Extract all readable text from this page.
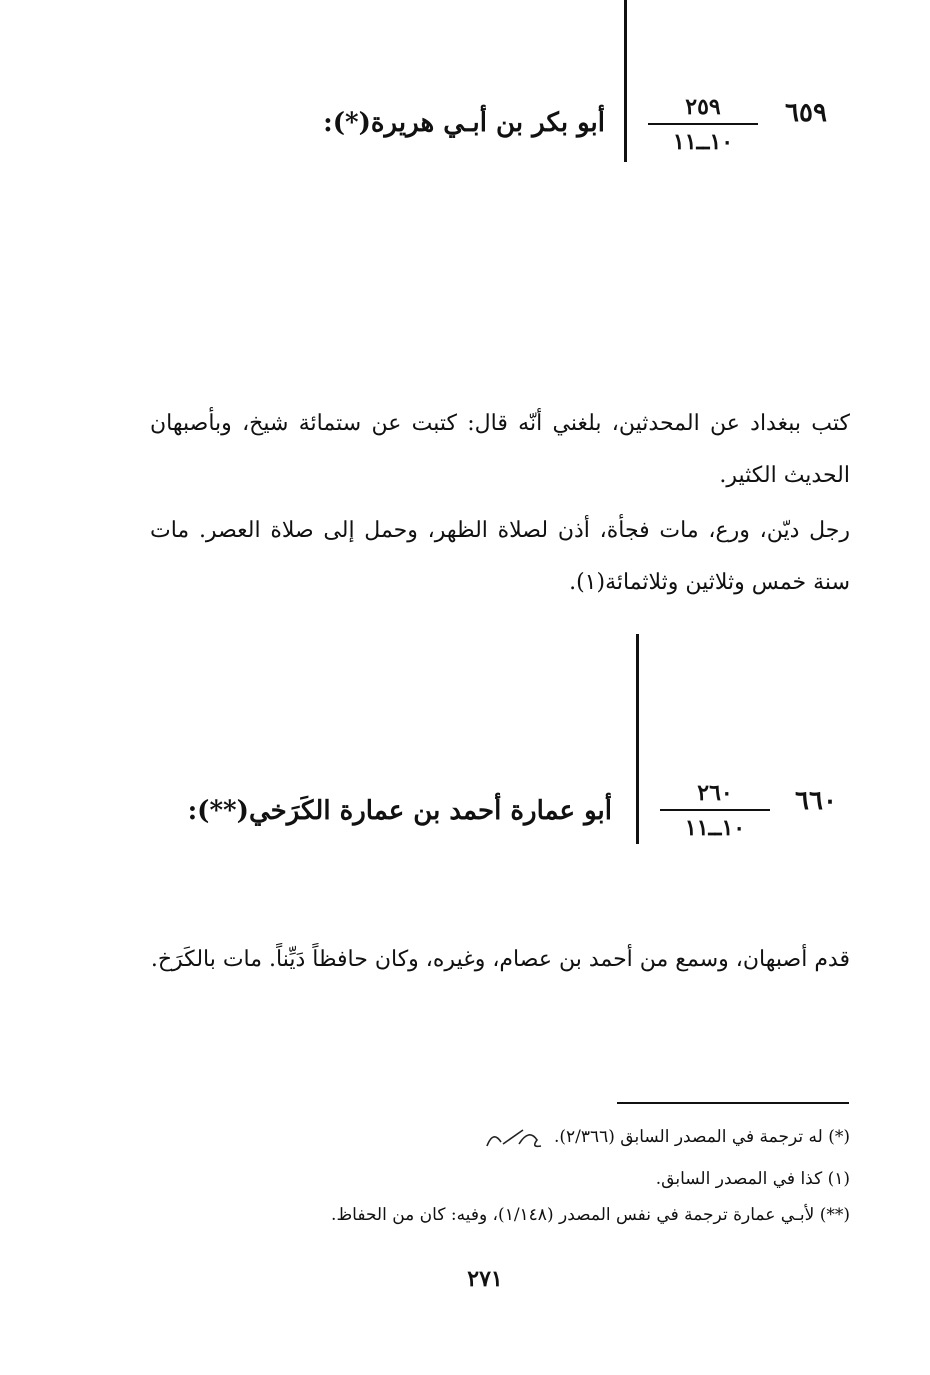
٦٥٩
٢٥٩
١٠ــ١١
أبو بكر بن أبـي هريرة(*):
كتب ببغداد عن المحدثين، بلغني أنّه قال: كتبت عن ستمائة شيخ، وبأصبهان الحديث الكثير.
رجل ديّن، ورع، مات فجأة، أذن لصلاة الظهر، وحمل إلى صلاة العصر. مات سنة خمس وثلاثين وثلاثمائة(١).
٦٦٠
٢٦٠
١٠ــ١١
أبو عمارة أحمد بن عمارة الكَرَخي(**):
قدم أصبهان، وسمع من أحمد بن عصام، وغيره، وكان حافظاً دَيِّناً. مات بالكَرَخ.
(*) له ترجمة في المصدر السابق (٢/٣٦٦).
(١) كذا في المصدر السابق.
(**) لأبـي عمارة ترجمة في نفس المصدر (١/١٤٨)، وفيه: كان من الحفاظ.
٢٧١
